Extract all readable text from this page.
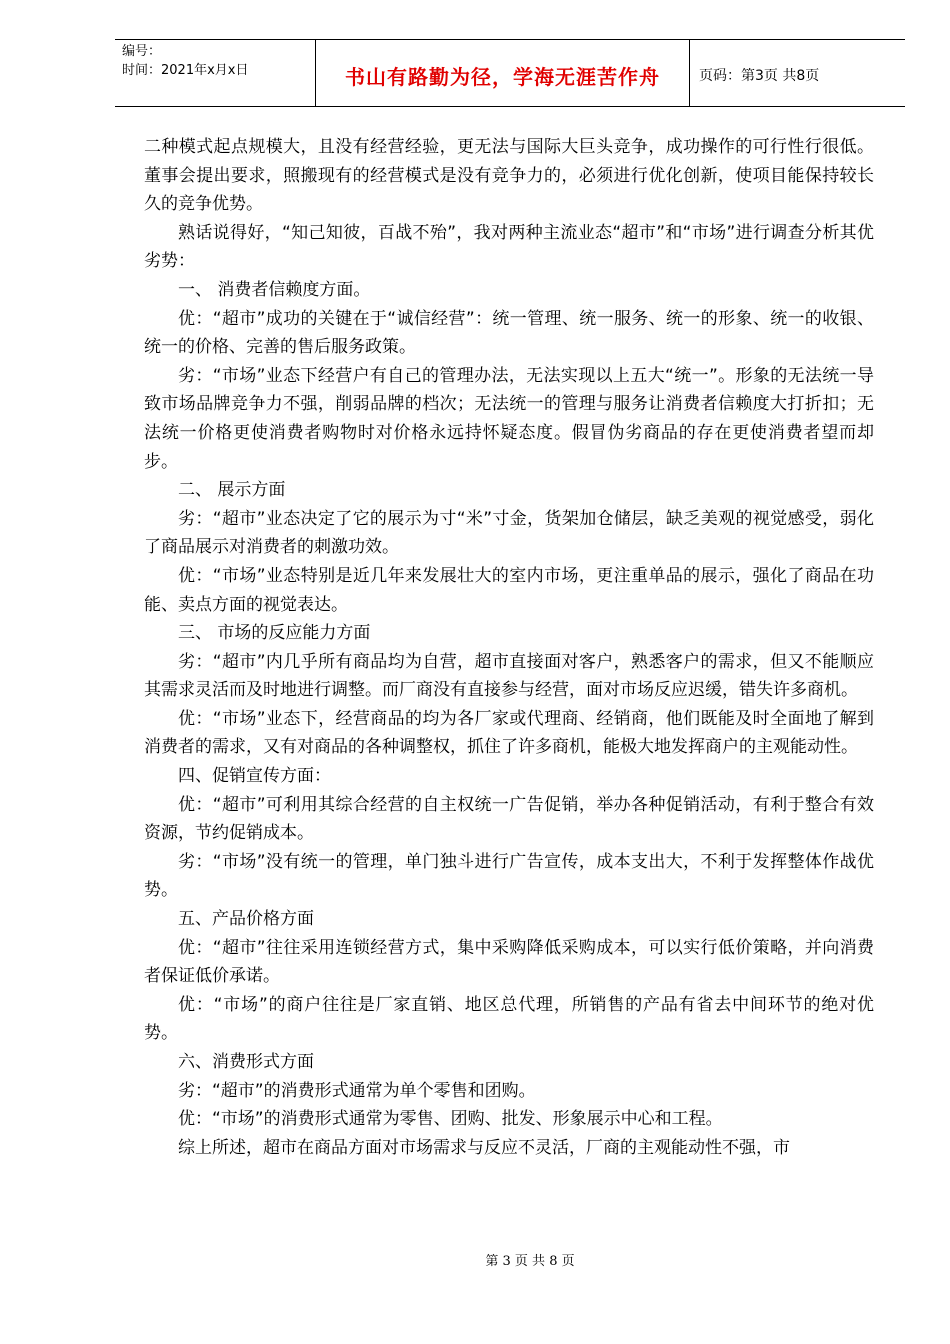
编号：
时间：2021年x月x日	书山有路勤为径，学海无涯苦作舟	页码：第3页 共8页

二种模式起点规模大，且没有经营经验，更无法与国际大巨头竞争，成功操作的可行性行很低。董事会提出要求，照搬现有的经营模式是没有竞争力的，必须进行优化创新，使项目能保持较长久的竞争优势。

熟话说得好，“知己知彼，百战不殆”，我对两种主流业态“超市”和“市场”进行调查分析其优劣势：

一、 消费者信赖度方面。

优：“超市”成功的关键在于“诚信经营”：统一管理、统一服务、统一的形象、统一的收银、统一的价格、完善的售后服务政策。

劣：“市场”业态下经营户有自己的管理办法，无法实现以上五大“统一”。形象的无法统一导致市场品牌竞争力不强，削弱品牌的档次；无法统一的管理与服务让消费者信赖度大打折扣；无法统一价格更使消费者购物时对价格永远持怀疑态度。假冒伪劣商品的存在更使消费者望而却步。

二、 展示方面

劣：“超市”业态决定了它的展示为寸“米”寸金，货架加仓储层，缺乏美观的视觉感受，弱化了商品展示对消费者的刺激功效。

优：“市场”业态特别是近几年来发展壮大的室内市场，更注重单品的展示，强化了商品在功能、卖点方面的视觉表达。

三、 市场的反应能力方面

劣：“超市”内几乎所有商品均为自营，超市直接面对客户，熟悉客户的需求，但又不能顺应其需求灵活而及时地进行调整。而厂商没有直接参与经营，面对市场反应迟缓，错失许多商机。

优：“市场”业态下，经营商品的均为各厂家或代理商、经销商，他们既能及时全面地了解到消费者的需求，又有对商品的各种调整权，抓住了许多商机，能极大地发挥商户的主观能动性。

四、促销宣传方面：

优：“超市”可利用其综合经营的自主权统一广告促销，举办各种促销活动，有利于整合有效资源，节约促销成本。

劣：“市场”没有统一的管理，单门独斗进行广告宣传，成本支出大，不利于发挥整体作战优势。

五、产品价格方面

优：“超市”往往采用连锁经营方式，集中采购降低采购成本，可以实行低价策略，并向消费者保证低价承诺。

优：“市场”的商户往往是厂家直销、地区总代理，所销售的产品有省去中间环节的绝对优势。

六、消费形式方面

劣：“超市”的消费形式通常为单个零售和团购。

优：“市场”的消费形式通常为零售、团购、批发、形象展示中心和工程。

综上所述，超市在商品方面对市场需求与反应不灵活，厂商的主观能动性不强，市

第 3 页 共 8 页
